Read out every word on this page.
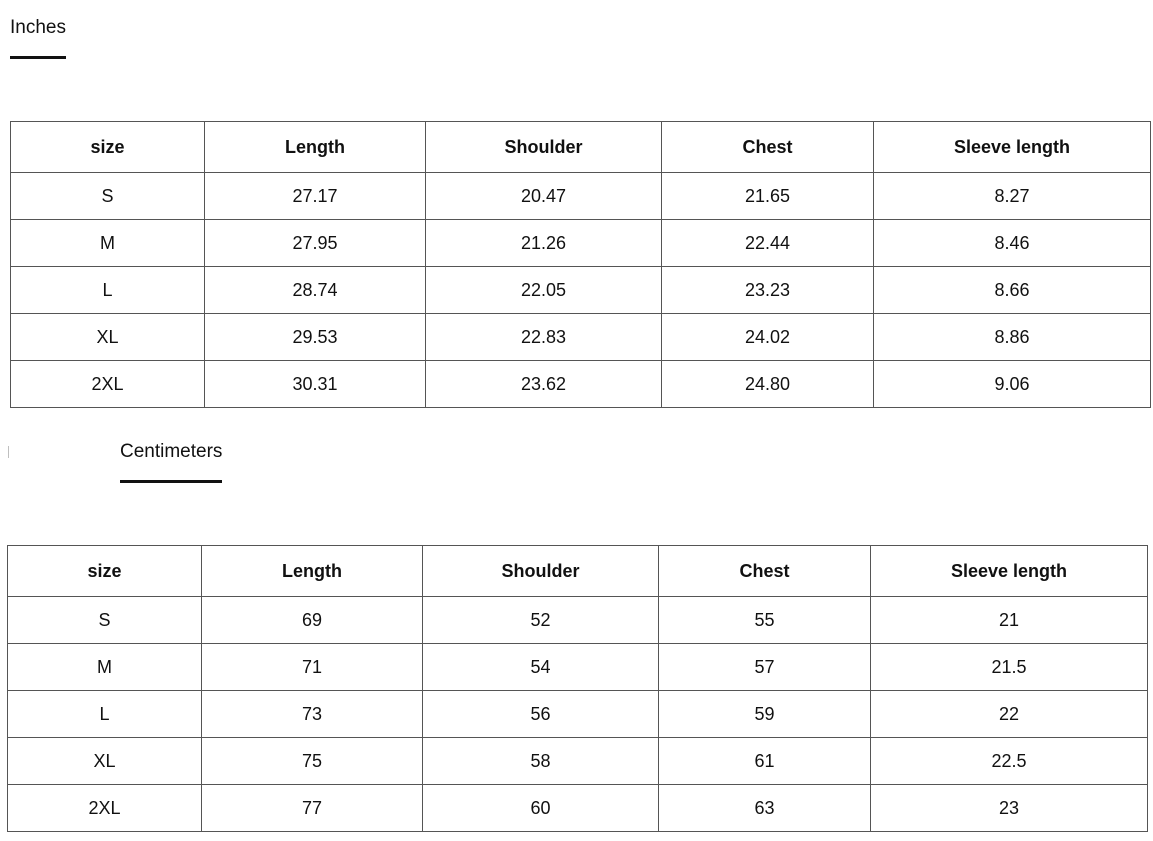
Inches
size	Length	Shoulder	Chest	Sleeve length
S	27.17	20.47	21.65	8.27
M	27.95	21.26	22.44	8.46
L	28.74	22.05	23.23	8.66
XL	29.53	22.83	24.02	8.86
2XL	30.31	23.62	24.80	9.06
Centimeters
size	Length	Shoulder	Chest	Sleeve length
S	69	52	55	21
M	71	54	57	21.5
L	73	56	59	22
XL	75	58	61	22.5
2XL	77	60	63	23
